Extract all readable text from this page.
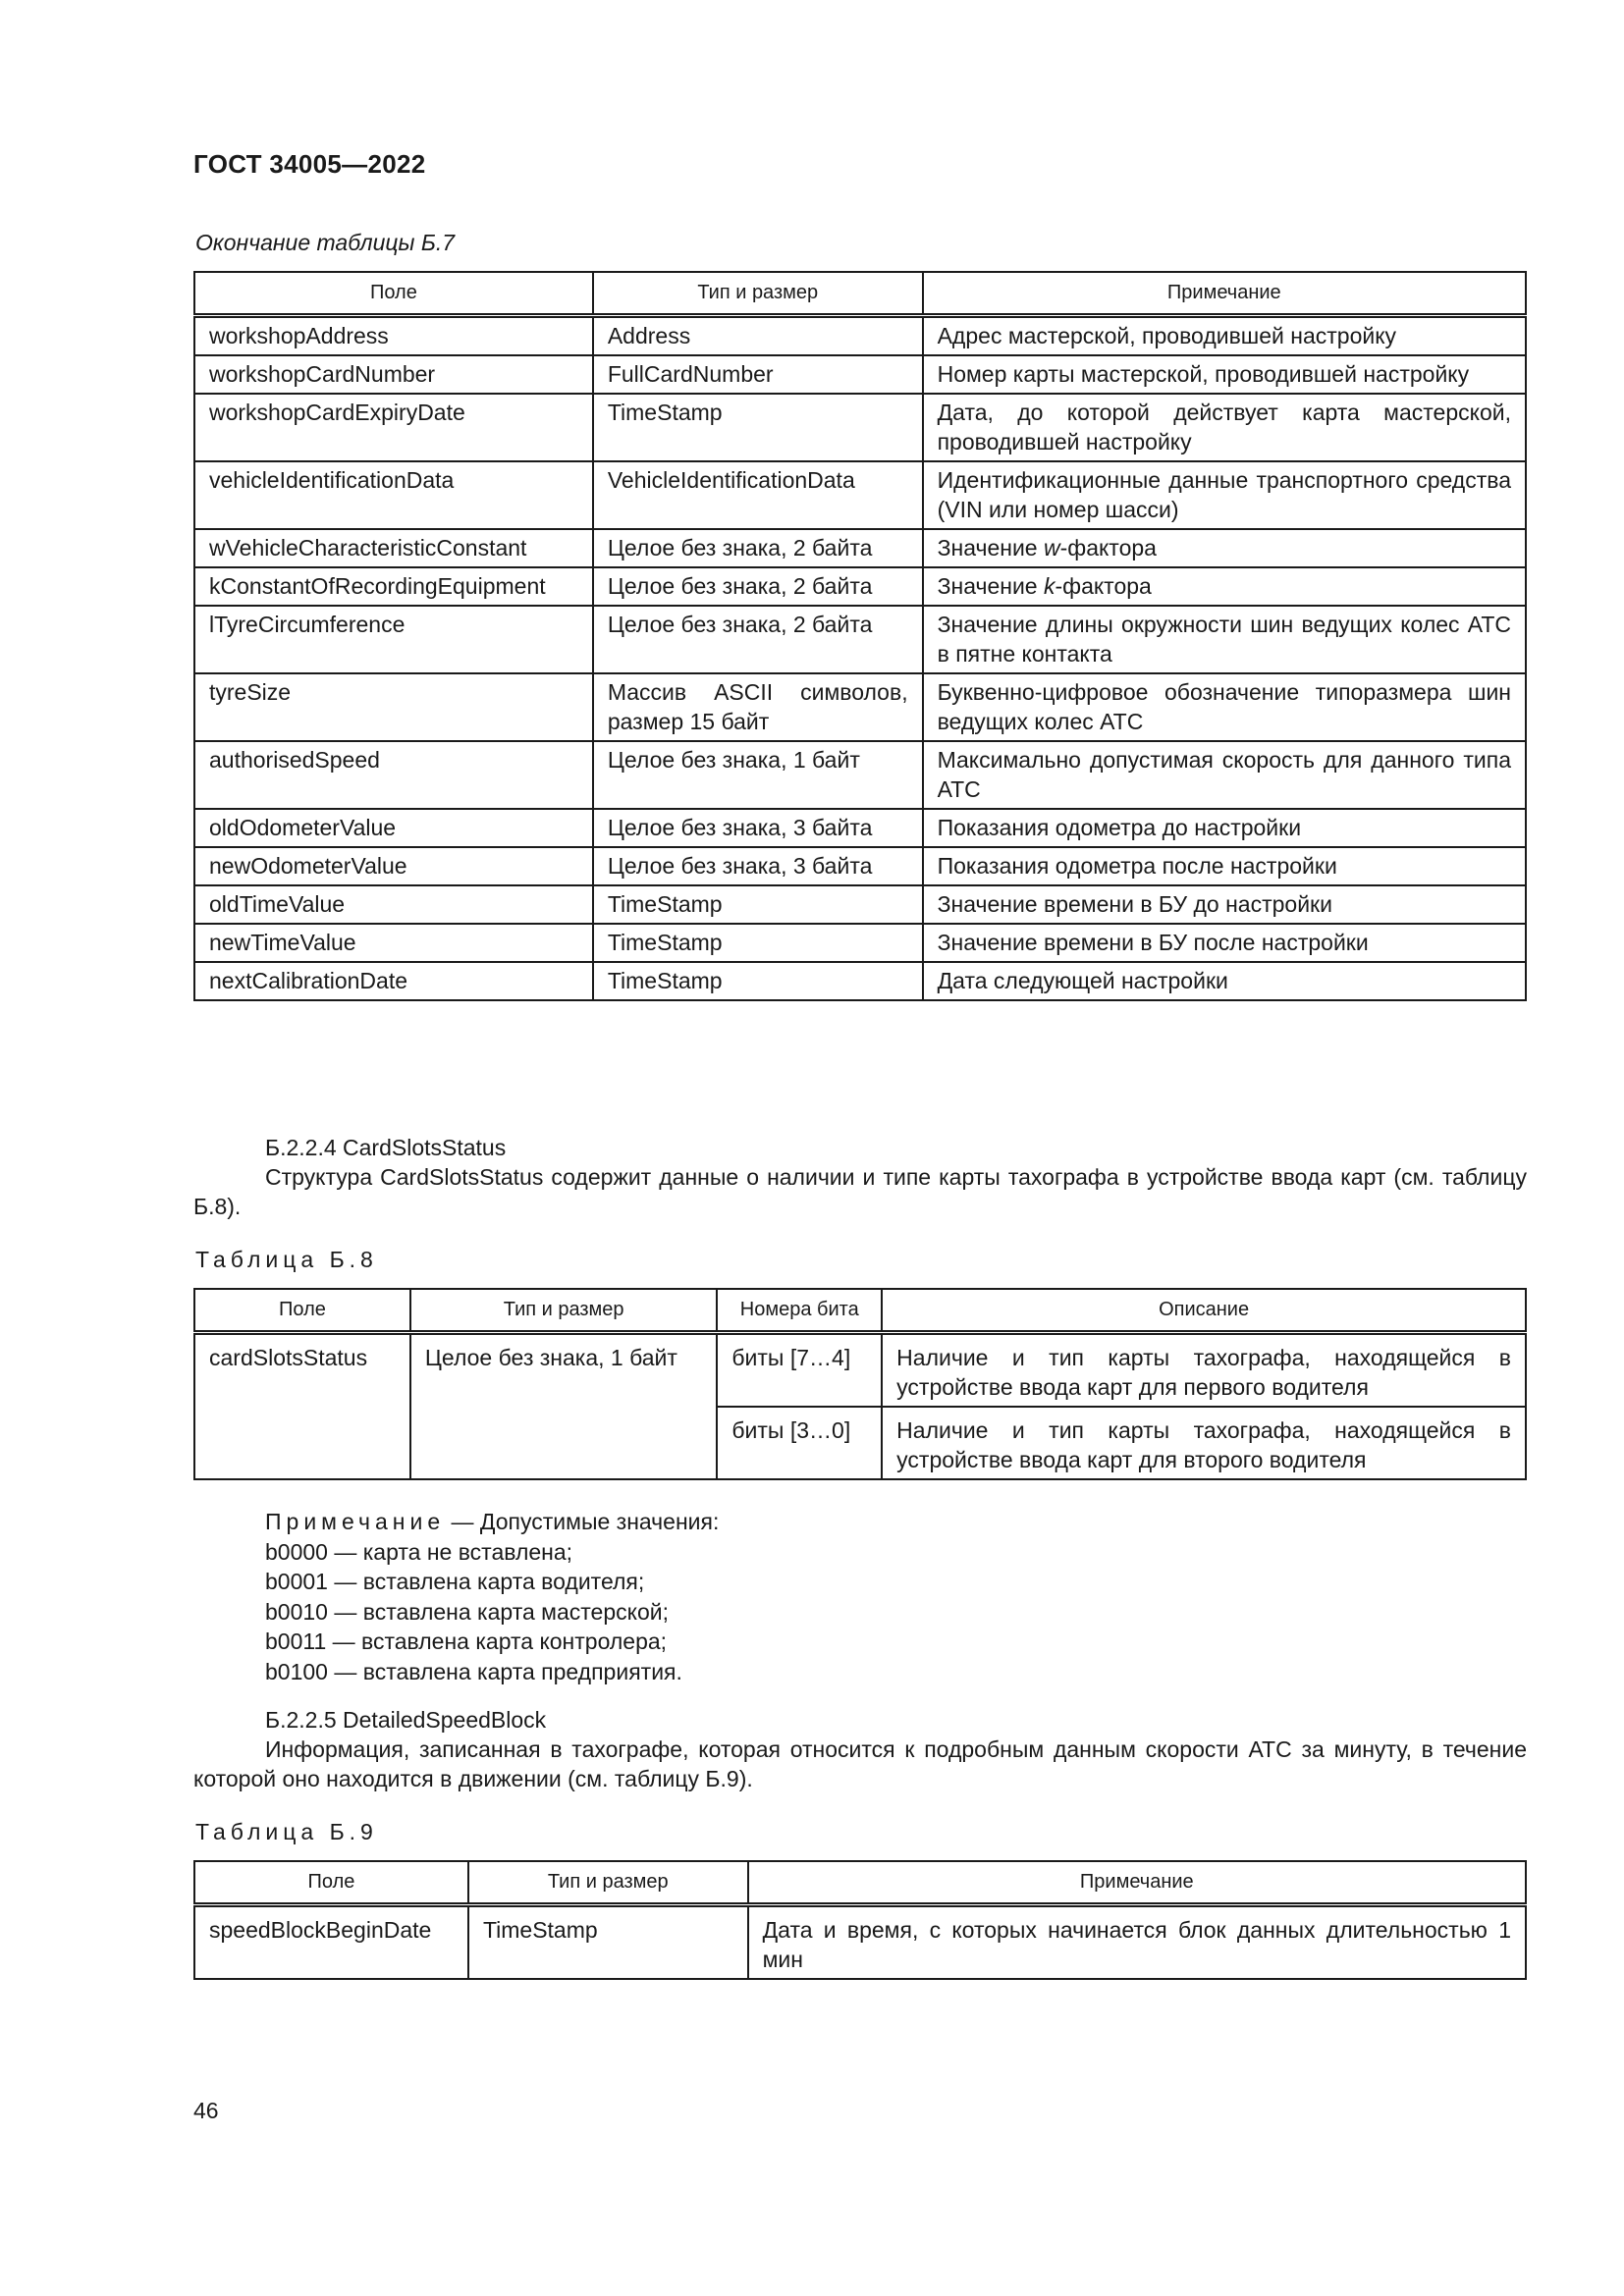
ГОСТ 34005—2022
Окончание таблицы Б.7
Поле	Тип и размер	Примечание
workshopAddress	Address	Адрес мастерской, проводившей настройку
workshopCardNumber	FullCardNumber	Номер карты мастерской, проводившей настройку
workshopCardExpiryDate	TimeStamp	Дата, до которой действует карта мастерской, проводившей настройку
vehicleIdentificationData	VehicleIdentificationData	Идентификационные данные транспортного средства (VIN или номер шасси)
wVehicleCharacteristicConstant	Целое без знака, 2 байта	Значение w-фактора
kConstantOfRecordingEquipment	Целое без знака, 2 байта	Значение k-фактора
lTyreCircumference	Целое без знака, 2 байта	Значение длины окружности шин ведущих колес АТС в пятне контакта
tyreSize	Массив ASCII символов, размер 15 байт	Буквенно-цифровое обозначение типоразмера шин ведущих колес АТС
authorisedSpeed	Целое без знака, 1 байт	Максимально допустимая скорость для данного типа АТС
oldOdometerValue	Целое без знака, 3 байта	Показания одометра до настройки
newOdometerValue	Целое без знака, 3 байта	Показания одометра после настройки
oldTimeValue	TimeStamp	Значение времени в БУ до настройки
newTimeValue	TimeStamp	Значение времени в БУ после настройки
nextCalibrationDate	TimeStamp	Дата следующей настройки
Б.2.2.4 CardSlotsStatus
Структура CardSlotsStatus содержит данные о наличии и типе карты тахографа в устройстве ввода карт (см. таблицу Б.8).
Таблица Б.8
Поле	Тип и размер	Номера бита	Описание
cardSlotsStatus	Целое без знака, 1 байт	биты [7…4]	Наличие и тип карты тахографа, находящейся в устройстве ввода карт для первого водителя
		биты [3…0]	Наличие и тип карты тахографа, находящейся в устройстве ввода карт для второго водителя
Примечание — Допустимые значения:
b0000 — карта не вставлена;
b0001 — вставлена карта водителя;
b0010 — вставлена карта мастерской;
b0011 — вставлена карта контролера;
b0100 — вставлена карта предприятия.
Б.2.2.5 DetailedSpeedBlock
Информация, записанная в тахографе, которая относится к подробным данным скорости АТС за минуту, в течение которой оно находится в движении (см. таблицу Б.9).
Таблица Б.9
Поле	Тип и размер	Примечание
speedBlockBeginDate	TimeStamp	Дата и время, с которых начинается блок данных длительностью 1 мин
46
